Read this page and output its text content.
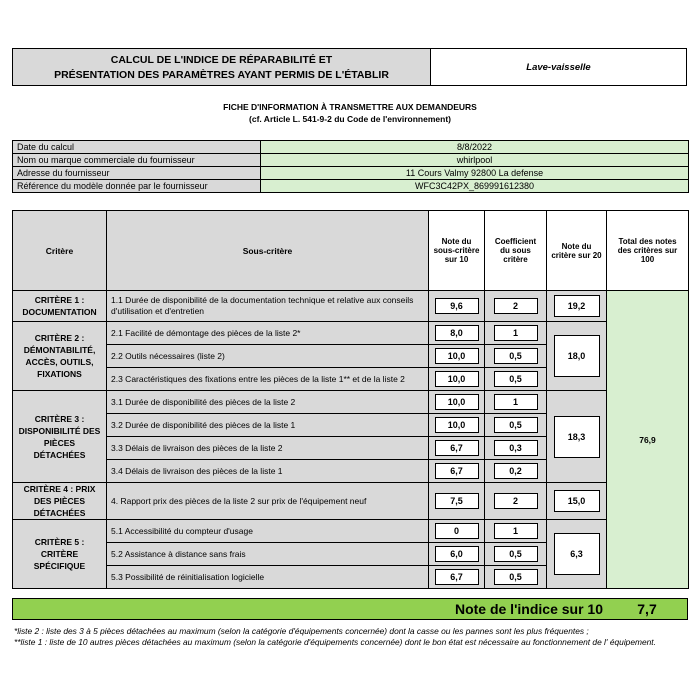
CALCUL DE L'INDICE DE RÉPARABILITÉ ET
PRÉSENTATION DES PARAMÈTRES AYANT PERMIS DE L'ÉTABLIR
Lave-vaisselle
FICHE D'INFORMATION À TRANSMETTRE AUX DEMANDEURS
(cf. Article L. 541-9-2 du Code de l'environnement)
Date du calcul	8/8/2022
Nom ou marque commerciale du fournisseur	whirlpool
Adresse du fournisseur	11 Cours Valmy 92800 La defense
Référence du modèle donnée par le fournisseur	WFC3C42PX_869991612380
Critère	Sous-critère	Note du sous-critère sur 10	Coefficient du sous critère	Note du critère sur 20	Total des notes des critères sur 100
CRITÈRE 1 : DOCUMENTATION	1.1 Durée de disponibilité de la documentation technique et relative aux conseils d'utilisation et d'entretien	9,6	2	19,2	76,9
CRITÈRE 2 : DÉMONTABILITÉ, ACCÈS, OUTILS, FIXATIONS	2.1 Facilité de démontage des pièces de la liste 2*	8,0	1	18,0	
	2.2 Outils nécessaires (liste 2)	10,0	0,5		
	2.3 Caractéristiques des fixations entre les pièces de la liste 1** et de la liste 2	10,0	0,5		
CRITÈRE 3 : DISPONIBILITÉ DES PIÈCES DÉTACHÉES	3.1 Durée de disponibilité des pièces de la liste 2	10,0	1	18,3	
	3.2 Durée de disponibilité des pièces de la liste 1	10,0	0,5		
	3.3 Délais de livraison des pièces de la liste 2	6,7	0,3		
	3.4 Délais de livraison des pièces de la liste 1	6,7	0,2		
CRITÈRE 4 : PRIX DES PIÈCES DÉTACHÉES	4. Rapport prix des pièces de la liste 2 sur prix de l'équipement neuf	7,5	2	15,0	
CRITÈRE 5 : CRITÈRE SPÉCIFIQUE	5.1 Accessibilité du compteur d'usage	0	1	6,3	
	5.2 Assistance à distance sans frais	6,0	0,5		
	5.3 Possibilité de réinitialisation logicielle	6,7	0,5		
Note de l'indice sur 10	7,7
*liste 2 : liste des 3 à 5 pièces détachées au maximum (selon la catégorie d'équipements concernée) dont la casse ou les pannes sont les plus fréquentes ;
**liste 1 : liste de 10 autres pièces détachées au maximum (selon la catégorie d'équipements concernée) dont le bon état est nécessaire au fonctionnement de l' équipement.
